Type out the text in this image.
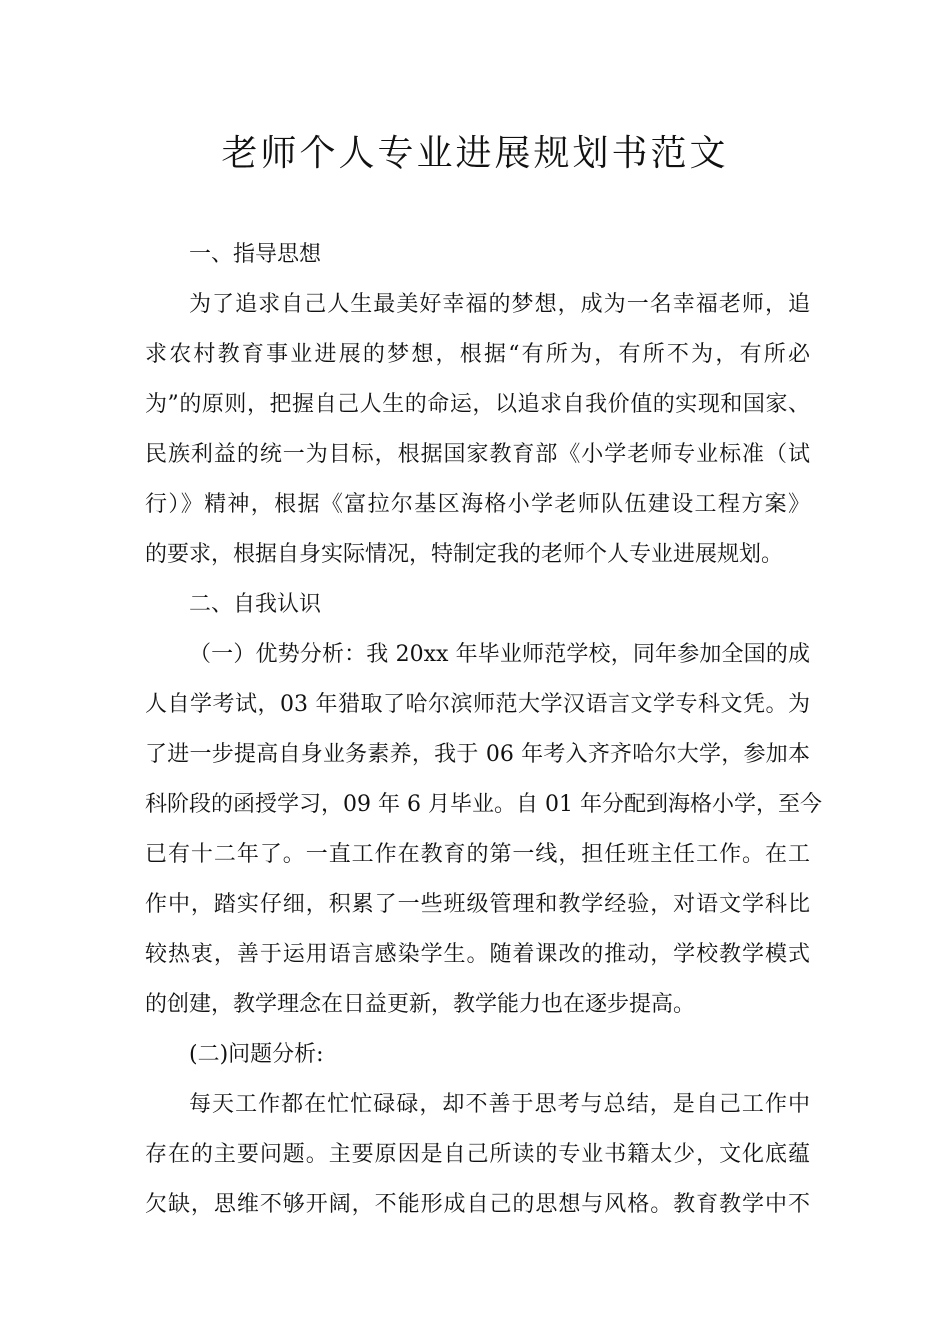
老师个人专业进展规划书范文
一、指导思想
为了追求自己人生最美好幸福的梦想，成为一名幸福老师，追
求农村教育事业进展的梦想，根据“有所为，有所不为，有所必
为”的原则，把握自己人生的命运，以追求自我价值的实现和国家、
民族利益的统一为目标，根据国家教育部《小学老师专业标准（试
行）》精神，根据《富拉尔基区海格小学老师队伍建设工程方案》
的要求，根据自身实际情况，特制定我的老师个人专业进展规划。
二、自我认识
（一）优势分析：我 20xx 年毕业师范学校，同年参加全国的成
人自学考试，03 年猎取了哈尔滨师范大学汉语言文学专科文凭。为
了进一步提高自身业务素养，我于 06 年考入齐齐哈尔大学，参加本
科阶段的函授学习，09 年 6 月毕业。自 01 年分配到海格小学，至今
已有十二年了。一直工作在教育的第一线，担任班主任工作。在工
作中，踏实仔细，积累了一些班级管理和教学经验，对语文学科比
较热衷，善于运用语言感染学生。随着课改的推动，学校教学模式
的创建，教学理念在日益更新，教学能力也在逐步提高。
(二)问题分析:
每天工作都在忙忙碌碌，却不善于思考与总结，是自己工作中
存在的主要问题。主要原因是自己所读的专业书籍太少，文化底蕴
欠缺，思维不够开阔，不能形成自己的思想与风格。教育教学中不
